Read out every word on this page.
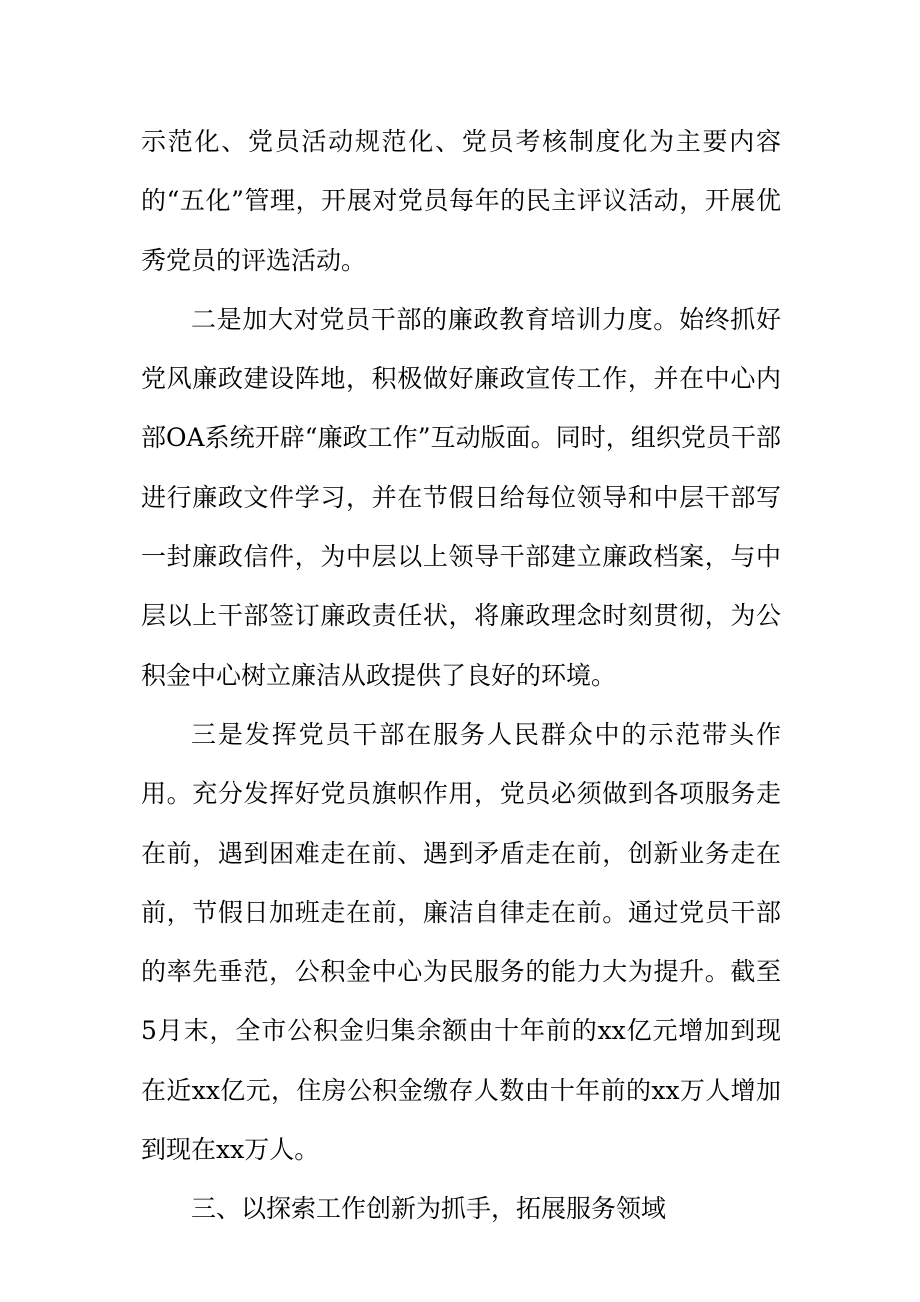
示范化、党员活动规范化、党员考核制度化为主要内容的“五化”管理，开展对党员每年的民主评议活动，开展优秀党员的评选活动。

二是加大对党员干部的廉政教育培训力度。始终抓好党风廉政建设阵地，积极做好廉政宣传工作，并在中心内部OA系统开辟“廉政工作”互动版面。同时，组织党员干部进行廉政文件学习，并在节假日给每位领导和中层干部写一封廉政信件，为中层以上领导干部建立廉政档案，与中层以上干部签订廉政责任状，将廉政理念时刻贯彻，为公积金中心树立廉洁从政提供了良好的环境。

三是发挥党员干部在服务人民群众中的示范带头作用。充分发挥好党员旗帜作用，党员必须做到各项服务走在前，遇到困难走在前、遇到矛盾走在前，创新业务走在前，节假日加班走在前，廉洁自律走在前。通过党员干部的率先垂范，公积金中心为民服务的能力大为提升。截至5月末，全市公积金归集余额由十年前的xx亿元增加到现在近xx亿元，住房公积金缴存人数由十年前的xx万人增加到现在xx万人。

三、以探索工作创新为抓手，拓展服务领域
